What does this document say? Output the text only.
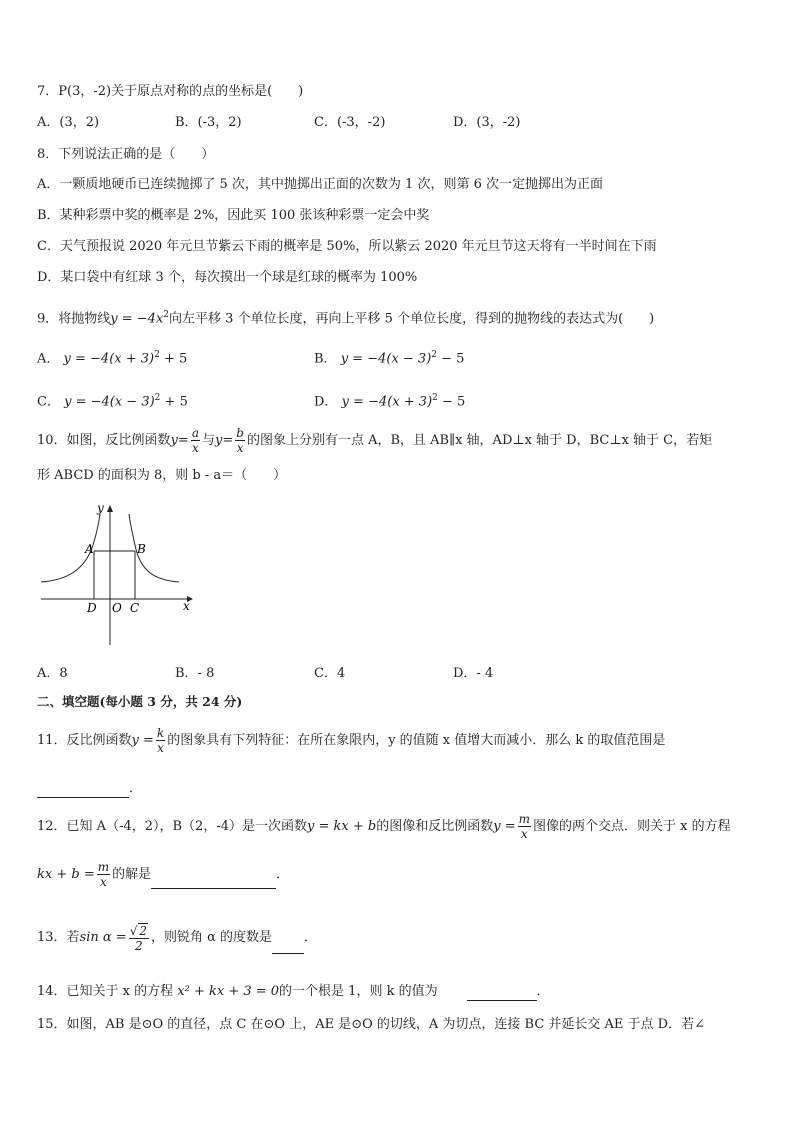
7．P(3，-2)关于原点对称的点的坐标是(　　)
A．(3，2)	B．(-3，2)	C．(-3，-2)	D．(3，-2)
8．下列说法正确的是（　　）
A．一颗质地硬币已连续抛掷了 5 次，其中抛掷出正面的次数为 1 次，则第 6 次一定抛掷出为正面
B．某种彩票中奖的概率是 2%，因此买 100 张该种彩票一定会中奖
C．天气预报说 2020 年元旦节紫云下雨的概率是 50%，所以紫云 2020 年元旦节这天将有一半时间在下雨
D．某口袋中有红球 3 个，每次摸出一个球是红球的概率为 100%
9．将抛物线$y = -4x^2$向左平移 3 个单位长度，再向上平移 5 个单位长度，得到的抛物线的表达式为(　　)
A． $y = -4(x + 3)^2 + 5$	B． $y = -4(x - 3)^2 - 5$
C． $y = -4(x - 3)^2 + 5$	D． $y = -4(x + 3)^2 - 5$
10．如图，反比例函数$y= \frac{a}{x}$ 与$y= \frac{b}{x}$ 的图象上分别有一点 A，B，且 AB∥x 轴，AD⊥x 轴于 D，BC⊥x 轴于 C，若矩
形 ABCD 的面积为 8，则 b - a＝（　　）
y
x
A	B
D O C
A．8	B．- 8	C．4	D．- 4
二、填空题(每小题 3 分，共 24 分)
11．反比例函数$y = \frac{k}{x}$ 的图象具有下列特征：在所在象限内，y 的值随 x 值增大而减小．那么 k 的取值范围是
．
12．已知 A（-4，2），B（2，-4）是一次函数y = kx + b的图像和反比例函数$y = \frac{m}{x}$ 图像的两个交点．则关于 x 的方程
kx + $b = \frac{m}{x}$ 的解是	．
13．若$\sin \alpha = \frac{√ 2}{2}$ ，则锐角 α 的度数是 ．
14．已知关于 x 的方程 x² + kx + 3 = 0的一个根是 1，则 k 的值为	．
15．如图，AB 是⊙O 的直径，点 C 在⊙O 上，AE 是⊙O 的切线，A 为切点，连接 BC 并延长交 AE 于点 D．若∠
